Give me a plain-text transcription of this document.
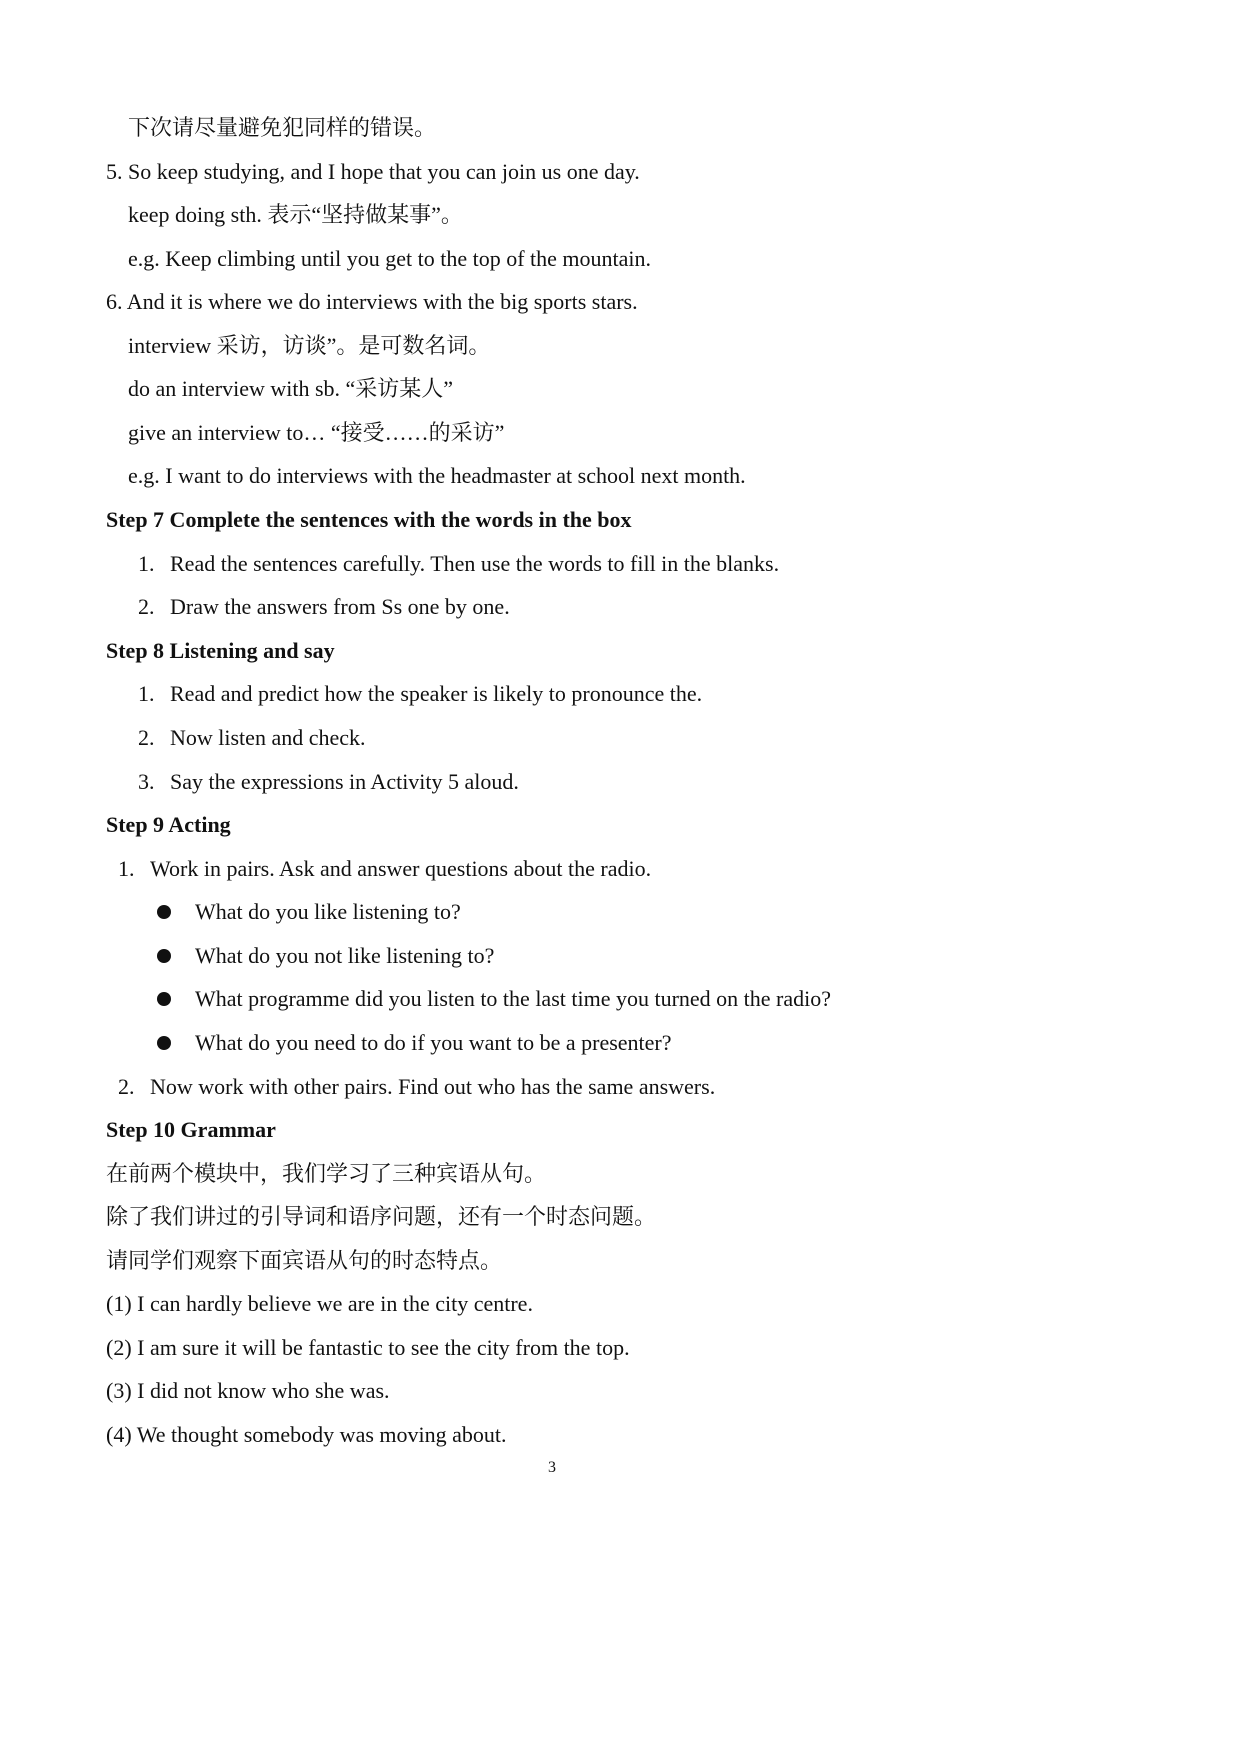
下次请尽量避免犯同样的错误。
5. So keep studying, and I hope that you can join us one day.
keep doing sth. 表示“坚持做某事”。
e.g. Keep climbing until you get to the top of the mountain.
6. And it is where we do interviews with the big sports stars.
interview 采访，访谈”。是可数名词。
do an interview with sb. “采访某人”
give an interview to… “接受……的采访”
e.g. I want to do interviews with the headmaster at school next month.
Step 7 Complete the sentences with the words in the box
1. Read the sentences carefully. Then use the words to fill in the blanks.
2. Draw the answers from Ss one by one.
Step 8 Listening and say
1. Read and predict how the speaker is likely to pronounce the.
2. Now listen and check.
3. Say the expressions in Activity 5 aloud.
Step 9 Acting
1. Work in pairs. Ask and answer questions about the radio.
What do you like listening to?
What do you not like listening to?
What programme did you listen to the last time you turned on the radio?
What do you need to do if you want to be a presenter?
2. Now work with other pairs. Find out who has the same answers.
Step 10 Grammar
在前两个模块中，我们学习了三种宾语从句。
除了我们讲过的引导词和语序问题，还有一个时态问题。
请同学们观察下面宾语从句的时态特点。
(1) I can hardly believe we are in the city centre.
(2) I am sure it will be fantastic to see the city from the top.
(3) I did not know who she was.
(4) We thought somebody was moving about.
3
